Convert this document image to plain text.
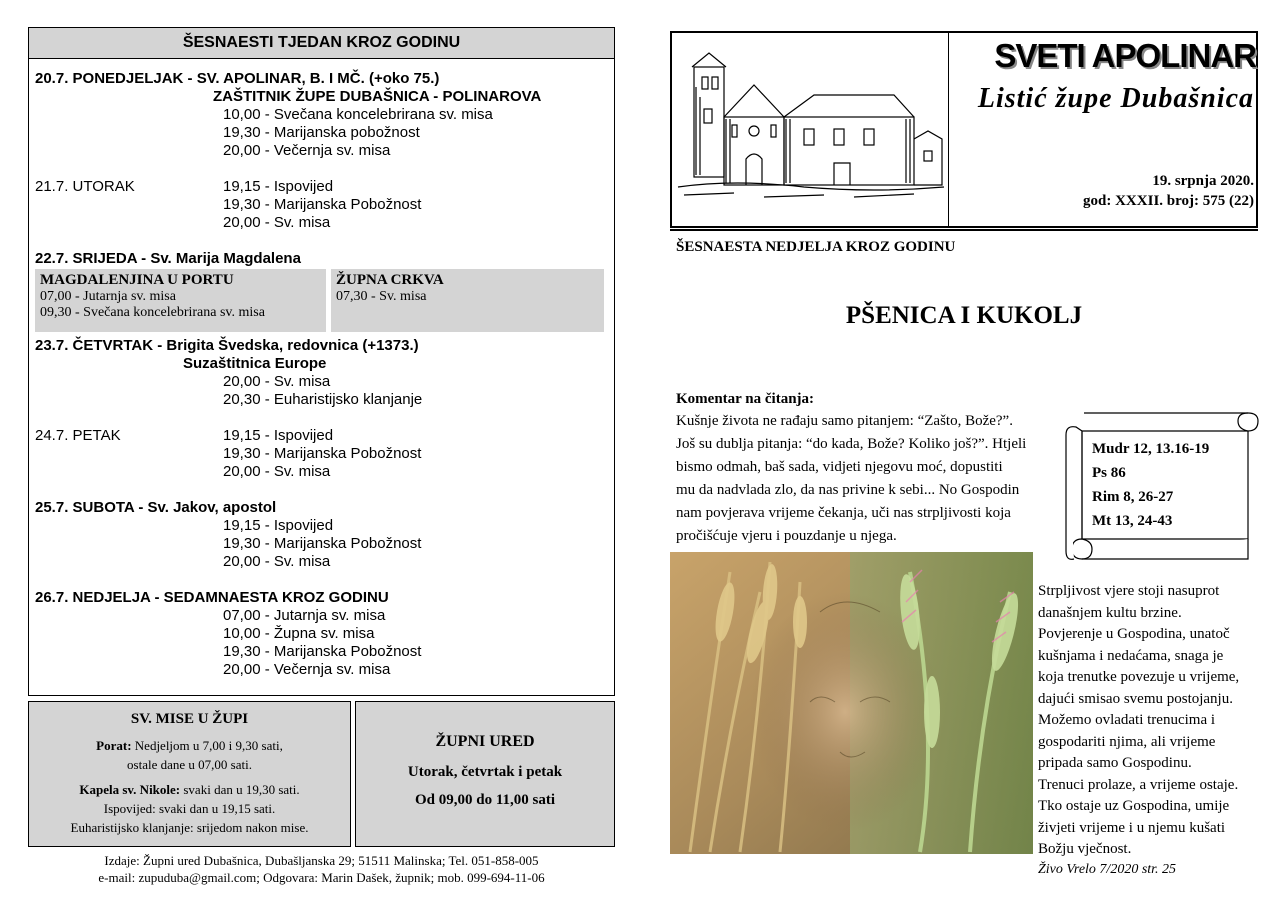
ŠESNAESTI TJEDAN KROZ GODINU
20.7. PONEDJELJAK - SV. APOLINAR, B. I MČ. (+oko 75.)
ZAŠTITNIK ŽUPE DUBAŠNICA - POLINAROVA
10,00 - Svečana koncelebrirana sv. misa
19,30 - Marijanska pobožnost
20,00 - Večernja sv. misa
21.7. UTORAK	19,15 - Ispovijed
19,30 - Marijanska Pobožnost
20,00 - Sv. misa
22.7. SRIJEDA - Sv. Marija Magdalena
MAGDALENJINA U PORTU
07,00 - Jutarnja sv. misa
09,30 - Svečana koncelebrirana sv. misa
ŽUPNA CRKVA
07,30 - Sv. misa
23.7. ČETVRTAK - Brigita Švedska, redovnica (+1373.)
Suzaštitnica Europe
20,00 - Sv. misa
20,30 - Euharistijsko klanjanje
24.7. PETAK	19,15 - Ispovijed
19,30 - Marijanska Pobožnost
20,00 - Sv. misa
25.7. SUBOTA - Sv. Jakov, apostol
19,15 - Ispovijed
19,30 - Marijanska Pobožnost
20,00 - Sv. misa
26.7. NEDJELJA - SEDAMNAESTA KROZ GODINU
07,00 - Jutarnja sv. misa
10,00 - Župna sv. misa
19,30 - Marijanska Pobožnost
20,00 - Večernja sv. misa
SV. MISE U ŽUPI
Porat: Nedjeljom u 7,00 i 9,30 sati,
ostale dane u 07,00 sati.
Kapela sv. Nikole: svaki dan u 19,30 sati.
Ispovijed: svaki dan u 19,15 sati.
Euharistijsko klanjanje: srijedom nakon mise.
ŽUPNI URED
Utorak, četvrtak i petak
Od 09,00 do 11,00 sati
Izdaje: Župni ured Dubašnica, Dubašljanska 29; 51511 Malinska; Tel. 051-858-005
e-mail: zupuduba@gmail.com; Odgovara: Marin Dašek, župnik; mob. 099-694-11-06
SVETI APOLINAR
Listić župe Dubašnica
19. srpnja 2020.
god: XXXII. broj: 575 (22)
ŠESNAESTA NEDJELJA KROZ GODINU
PŠENICA I KUKOLJ
Komentar na čitanja:
Kušnje života ne rađaju samo pitanjem: “Zašto, Bože?”.
Još su dublja pitanja: “do kada, Bože? Koliko još?”. Htjeli
bismo odmah, baš sada, vidjeti njegovu moć, dopustiti
mu da nadvlada zlo, da nas privine k sebi... No Gospodin
nam povjerava vrijeme čekanja, uči nas strpljivosti koja
pročišćuje vjeru i pouzdanje u njega.
Mudr 12, 13.16-19
Ps 86
Rim 8, 26-27
Mt 13, 24-43
Strpljivost vjere stoji nasuprot
današnjem kultu brzine.
Povjerenje u Gospodina, unatoč
kušnjama i nedaćama, snaga je
koja trenutke povezuje u vrijeme,
dajući smisao svemu postojanju.
Možemo ovladati trenucima i
gospodariti njima, ali vrijeme
pripada samo Gospodinu.
Trenuci prolaze, a vrijeme ostaje.
Tko ostaje uz Gospodina, umije
živjeti vrijeme i u njemu kušati
Božju vječnost.
Živo Vrelo 7/2020 str. 25
